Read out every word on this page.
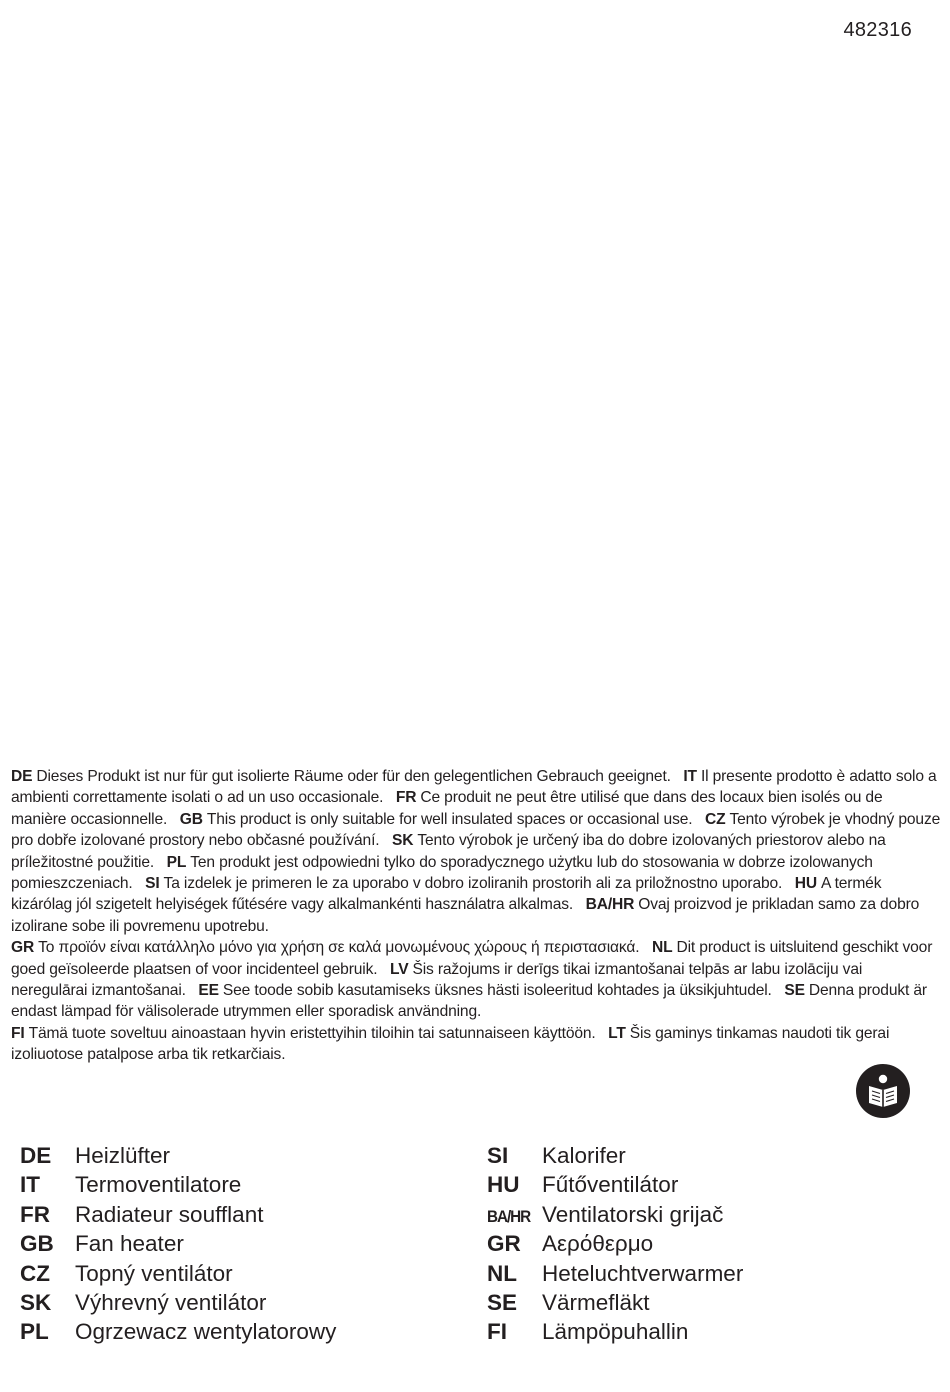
482316
DE Dieses Produkt ist nur für gut isolierte Räume oder für den gelegentlichen Gebrauch geeignet. IT Il presente prodotto è adatto solo a ambienti correttamente isolati o ad un uso occasionale. FR Ce produit ne peut être utilisé que dans des locaux bien isolés ou de manière occasionnelle. GB This product is only suitable for well insulated spaces or occasional use. CZ Tento výrobek je vhodný pouze pro dobře izolované prostory nebo občasné používání. SK Tento výrobok je určený iba do dobre izolovaných priestorov alebo na príležitostné použitie. PL Ten produkt jest odpowiedni tylko do sporadycznego użytku lub do stosowania w dobrze izolowanych pomieszczeniach. SI Ta izdelek je primeren le za uporabo v dobro izoliranih prostorih ali za priložnostno uporabo. HU A termék kizárólag jól szigetelt helyiségek fűtésére vagy alkalmankénti használatra alkalmas. BA/HR Ovaj proizvod je prikladan samo za dobro izolirane sobe ili povremenu upotrebu.
GR Το προϊόν είναι κατάλληλο μόνο για χρήση σε καλά μονωμένους χώρους ή περιστασιακά. NL Dit product is uitsluitend geschikt voor goed geïsoleerde plaatsen of voor incidenteel gebruik. LV Šis ražojums ir derīgs tikai izmantošanai telpās ar labu izolāciju vai neregulārai izmantošanai. EE See toode sobib kasutamiseks üksnes hästi isoleeritud kohtades ja üksikjuhtudel. SE Denna produkt är endast lämpad för välisolerade utrymmen eller sporadisk användning.
FI Tämä tuote soveltuu ainoastaan hyvin eristettyihin tiloihin tai satunnaiseen käyttöön. LT Šis gaminys tinkamas naudoti tik gerai izoliuotose patalpose arba tik retkarčiais.
DE Heizlüfter
IT Termoventilatore
FR Radiateur soufflant
GB Fan heater
CZ Topný ventilátor
SK Výhrevný ventilátor
PL Ogrzewacz wentylatorowy
SI Kalorifer
HU Fűtőventilátor
BA/HR Ventilatorski grijač
GR Αερόθερμο
NL Heteluchtverwarmer
SE Värmefläkt
FI Lämpöpuhallin
